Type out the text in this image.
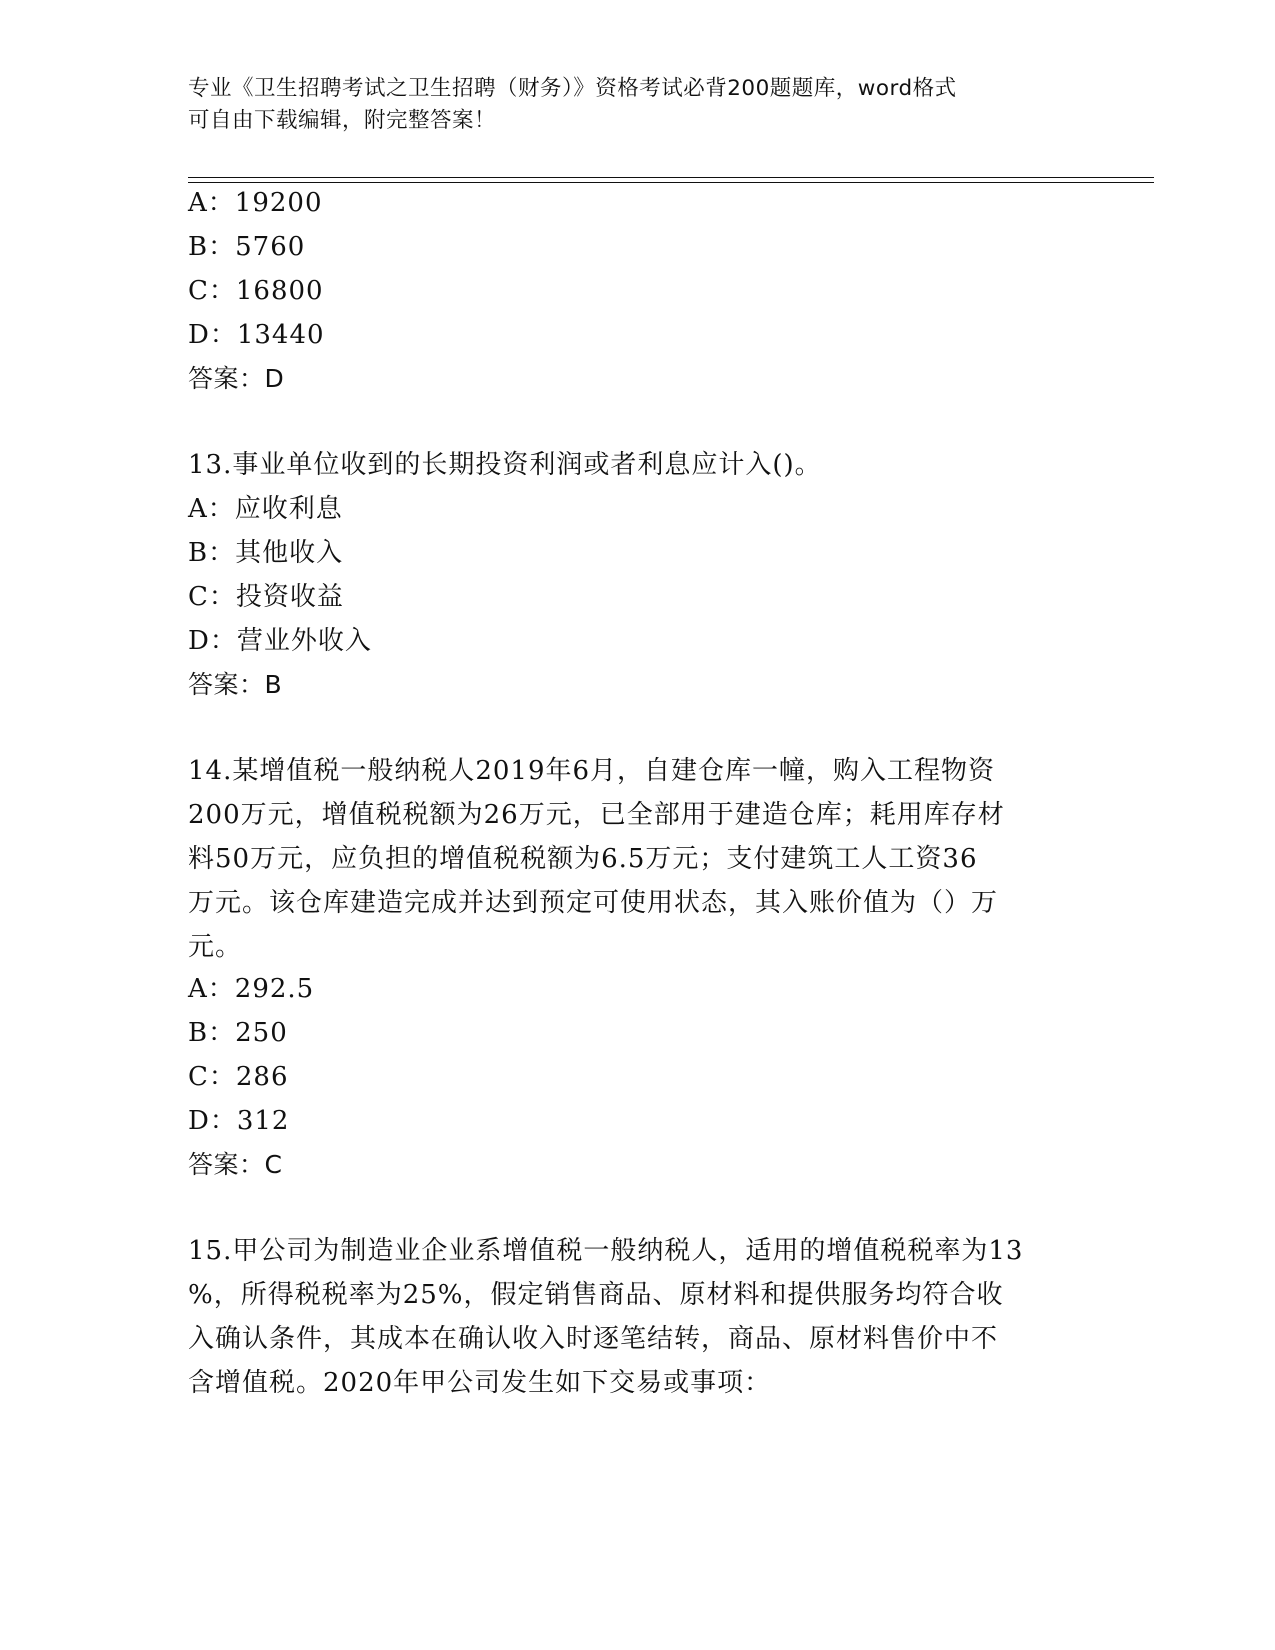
专业《卫生招聘考试之卫生招聘（财务）》资格考试必背200题题库，word格式
可自由下载编辑，附完整答案！
A：19200
B：5760
C：16800
D：13440
答案：D
13.事业单位收到的长期投资利润或者利息应计入()。
A：应收利息
B：其他收入
C：投资收益
D：营业外收入
答案：B
14.某增值税一般纳税人2019年6月，自建仓库一幢，购入工程物资
200万元，增值税税额为26万元，已全部用于建造仓库；耗用库存材
料50万元，应负担的增值税税额为6.5万元；支付建筑工人工资36
万元。该仓库建造完成并达到预定可使用状态，其入账价值为（）万
元。
A：292.5
B：250
C：286
D：312
答案：C
15.甲公司为制造业企业系增值税一般纳税人，适用的增值税税率为13
%，所得税税率为25%，假定销售商品、原材料和提供服务均符合收
入确认条件，其成本在确认收入时逐笔结转，商品、原材料售价中不
含增值税。2020年甲公司发生如下交易或事项：
